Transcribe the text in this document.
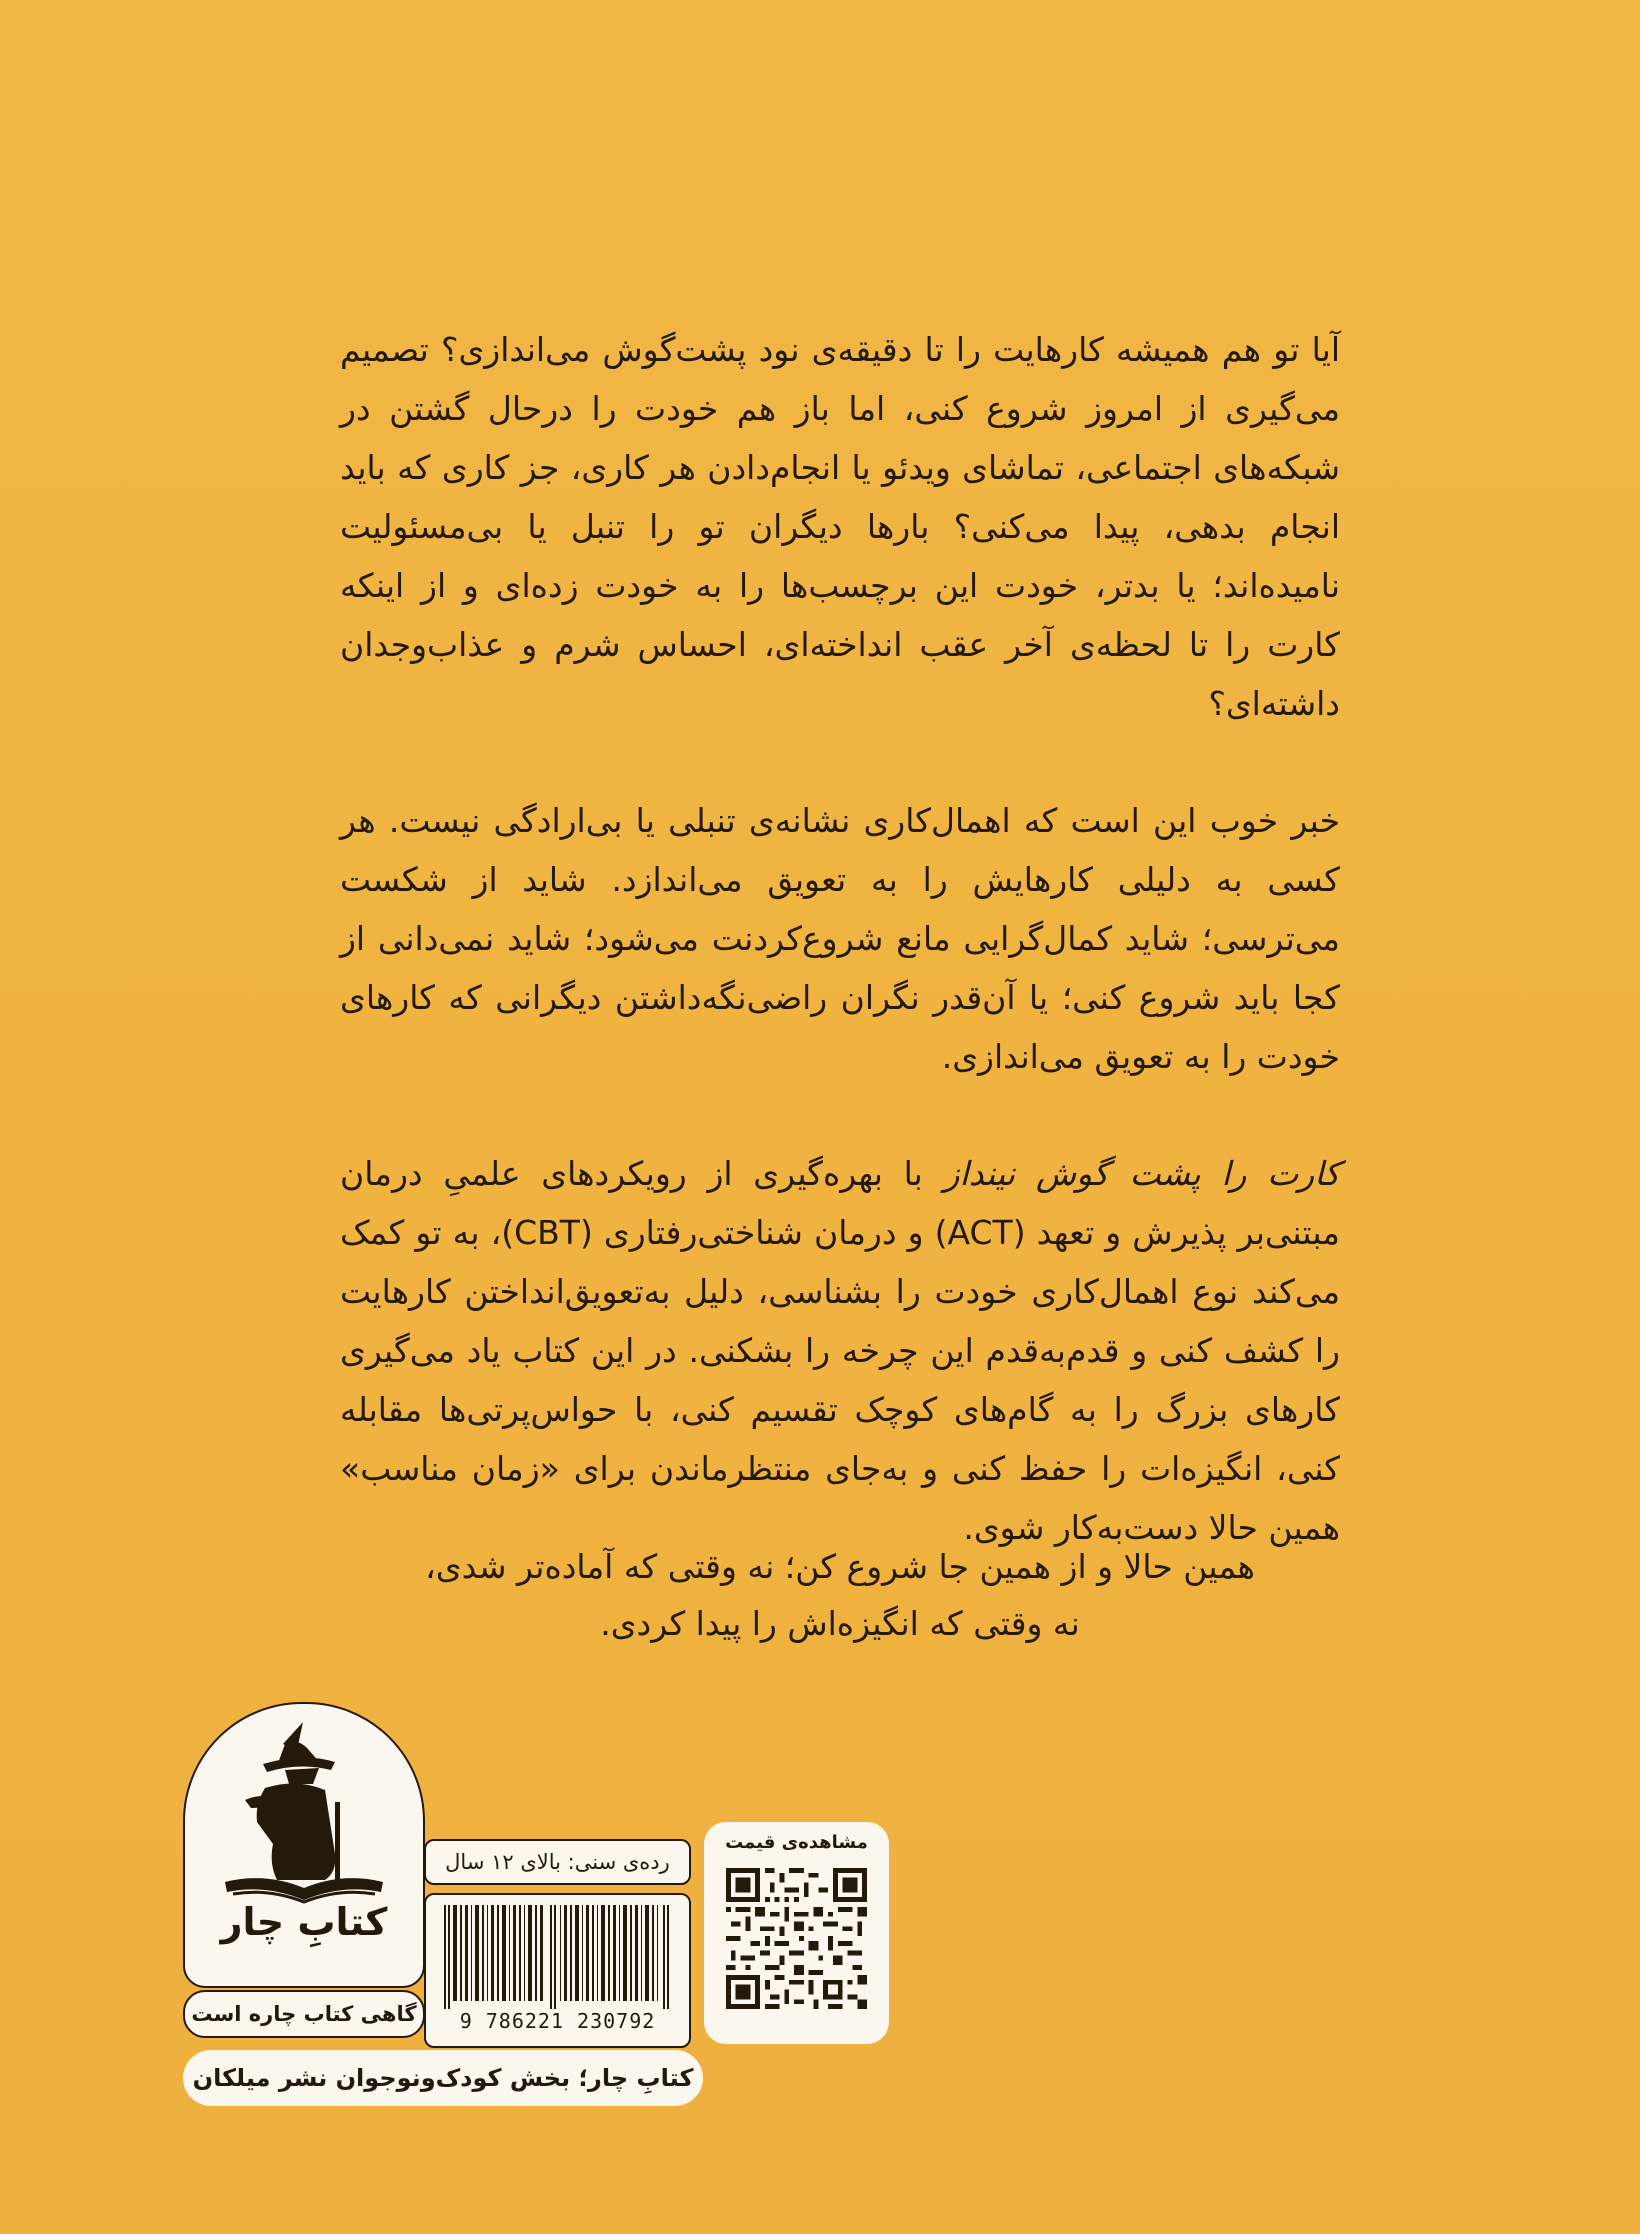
آیا تو هم همیشه کارهایت را تا دقیقه‌ی نود پشت‌گوش می‌اندازی؟ تصمیم می‌گیری از امروز شروع کنی، اما باز هم خودت را درحال گشتن در شبکه‌های اجتماعی، تماشای ویدئو یا انجام‌دادن هر کاری، جز کاری که باید انجام بدهی، پیدا می‌کنی؟ بارها دیگران تو را تنبل یا بی‌مسئولیت نامیده‌اند؛ یا بدتر، خودت این برچسب‌ها را به خودت زده‌ای و از اینکه کارت را تا لحظه‌ی آخر عقب انداخته‌ای، احساس شرم و عذاب‌وجدان داشته‌ای؟

خبر خوب این است که اهمال‌کاری نشانه‌ی تنبلی یا بی‌ارادگی نیست. هر کسی به دلیلی کارهایش را به تعویق می‌اندازد. شاید از شکست می‌ترسی؛ شاید کمال‌گرایی مانع شروع‌کردنت می‌شود؛ شاید نمی‌دانی از کجا باید شروع کنی؛ یا آن‌قدر نگران راضی‌نگه‌داشتن دیگرانی که کارهای خودت را به تعویق می‌اندازی.

کارت را پشت گوش نینداز با بهره‌گیری از رویکردهای علمیِ درمان مبتنی‌بر پذیرش و تعهد (ACT) و درمان شناختی‌رفتاری (CBT)، به تو کمک می‌کند نوع اهمال‌کاری خودت را بشناسی، دلیل به‌تعویق‌انداختن کارهایت را کشف کنی و قدم‌به‌قدم این چرخه را بشکنی. در این کتاب یاد می‌گیری کارهای بزرگ را به گام‌های کوچک تقسیم کنی، با حواس‌پرتی‌ها مقابله کنی، انگیزه‌ات را حفظ کنی و به‌جای منتظرماندن برای «زمان مناسب» همین حالا دست‌به‌کار شوی.

همین حالا و از همین جا شروع کن؛ نه وقتی که آماده‌تر شدی،
نه وقتی که انگیزه‌اش را پیدا کردی.
کتابِ چار
گاهی کتاب چاره است
کتابِ چار؛ بخش کودک‌ونوجوان نشر میلکان
رده‌ی سنی: بالای ۱۲ سال
9 786221 230792
مشاهده‌ی قیمت
